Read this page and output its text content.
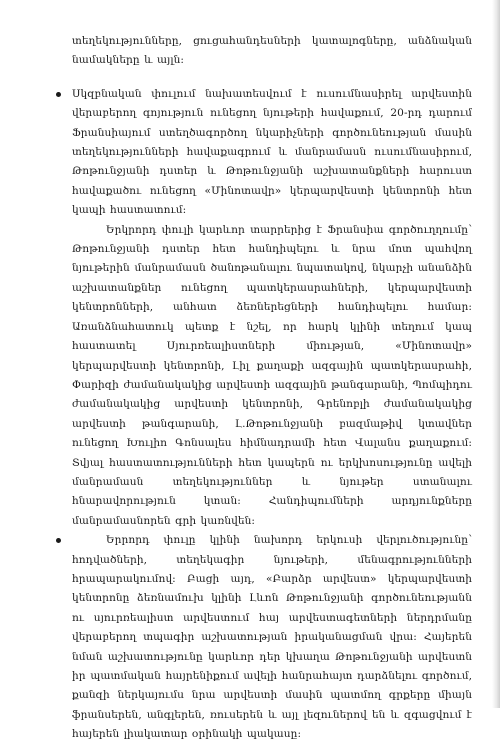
տեղեկությունները, ցուցահանդեսների կատալոգները, անձնական նամակները և այլն:

Սկզբնական փուլում նախատեսվում է ուսումնասիրել արվեստին վերաբերող գոյություն ունեցող նյութերի հավաքում, 20-րդ դարում Ֆրանսիայում ստեղծագործող նկարիչների գործունեության մասին տեղեկությունների հավաքագրում և մանրամասն ուսումնասիրում, Թոթունջյանի դստեր և Թոթունջյանի աշխատանքների հարուստ հավաքածու ունեցող «Մինոտավր» կերպարվեստի կենտրոնի հետ կապի հաստատում:

Երկրորդ փուլի կարևոր տարրերից է Ֆրանսիա գործուղղումը՝ Թոթունջյանի դստեր հետ հանդիպելու և նրա մոտ պահվող նյութերին մանրամասն ծանոթանալու նպատակով, նկարչի անանձին աշխատանքներ ունեցող պատկերասրահների, կերպարվեստի կենտրոնների, անհատ ձեռներեցների հանդիպելու համար: Առանձնահատուկ պետք է նշել, որ հարկ կլինի տեղում կապ հաստատել Սյուրռեալիստների միության, «Մինոտավր» կերպարվեստի կենտրոնի, Լիլ քաղաքի ազգային պատկերասրահի, Փարիզի ժամանակակից արվեստի ազգային թանգարանի, Պոմպիդու ժամանակակից արվեստի կենտրոնի, Գրենոբլի ժամանակակից արվեստի թանգարանի, Լ.Թոթունջյանի բազմաթիվ կտավներ ունեցող Խուլիո Գոնսալես հիմնադրամի հետ Վալանս քաղաքում: Տվյալ հաստատությունների հետ կապերն ու երկխոսությունը ավելի մանրամասն տեղեկություններ և նյութեր ստանալու հնարավորություն կտան: Հանդիպումների արդյունքները մանրամասնորեն գրի կառնվեն:

Երրորդ փուլը կլինի նախորդ երկուսի վերլուծությունը՝ հոդվածների, տեղեկագիր նյութերի, մենագրությունների հրապարակումով: Բացի այդ, «Բարձր արվեստ» կերպարվեստի կենտրոնը ձեռնամուխ կլինի Լևոն Թոթունջյանի գործունեությանն ու սյուրռեալիստ արվեստում հայ արվեստագետների ներդրմանը վերաբերող տպագիր աշխատության իրականացման վրա: Հայերեն նման աշխատությունը կարևոր դեր կխաղա Թոթունջյանի արվեստն իր պատմական հայրենիքում ավելի հանրահայտ դարձնելու գործում, քանզի ներկայումս նրա արվեստի մասին պատմող գրքերը միայն ֆրանսերեն, անգլերեն, ռուսերեն և այլ լեզուներով են և զգացվում է հայերեն լիակատար օրինակի պակասը:
